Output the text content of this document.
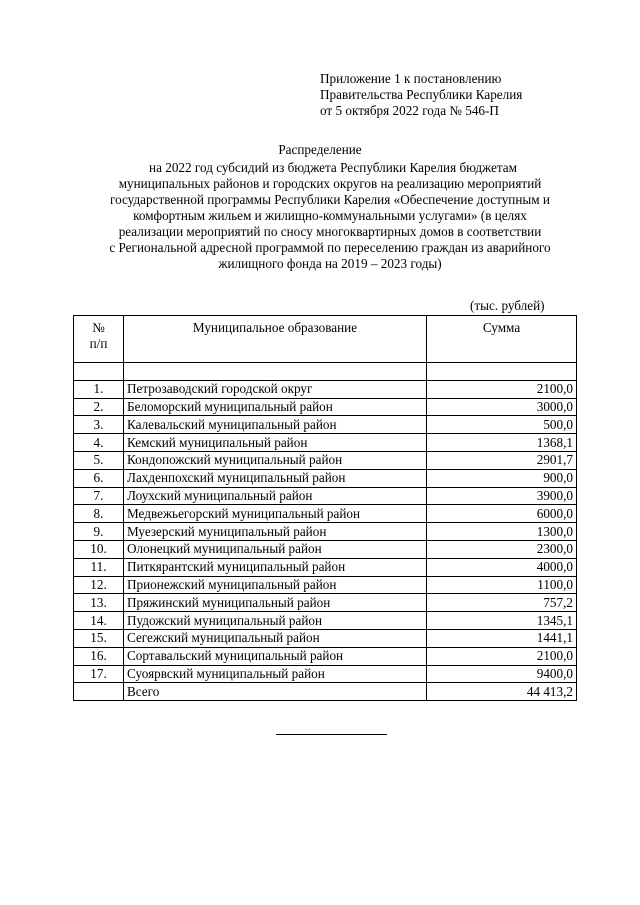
Приложение 1 к постановлению
Правительства Республики Карелия
от 5 октября 2022 года № 546-П
Распределение
на 2022 год субсидий из бюджета Республики Карелия бюджетам
муниципальных районов и городских округов на реализацию мероприятий
государственной программы Республики Карелия «Обеспечение доступным и
комфортным жильем и жилищно-коммунальными услугами» (в целях
реализации мероприятий по сносу многоквартирных домов в соответствии
с Региональной адресной программой по переселению граждан из аварийного
жилищного фонда на 2019 – 2023 годы)
(тыс. рублей)
№
п/п	Муниципальное образование	Сумма

1.	Петрозаводский городской округ	2100,0
2.	Беломорский муниципальный район	3000,0
3.	Калевальский муниципальный район	500,0
4.	Кемский муниципальный район	1368,1
5.	Кондопожский муниципальный район	2901,7
6.	Лахденпохский муниципальный район	900,0
7.	Лоухский муниципальный район	3900,0
8.	Медвежьегорский муниципальный район	6000,0
9.	Муезерский муниципальный район	1300,0
10.	Олонецкий муниципальный район	2300,0
11.	Питкярантский муниципальный район	4000,0
12.	Прионежский муниципальный район	1100,0
13.	Пряжинский муниципальный район	757,2
14.	Пудожский муниципальный район	1345,1
15.	Сегежский муниципальный район	1441,1
16.	Сортавальский муниципальный район	2100,0
17.	Суоярвский муниципальный район	9400,0
	Всего	44 413,2
